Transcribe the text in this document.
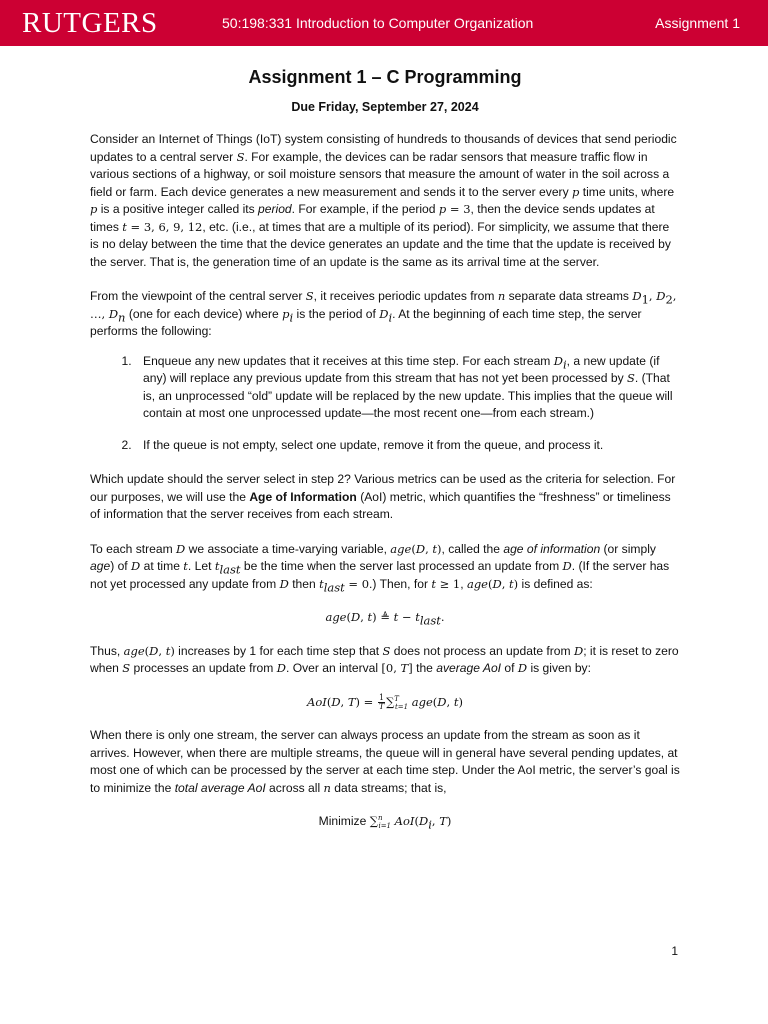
RUTGERS	50:198:331 Introduction to Computer Organization	Assignment 1
Assignment 1 – C Programming
Due Friday, September 27, 2024

Consider an Internet of Things (IoT) system consisting of hundreds to thousands of devices that send periodic updates to a central server S. For example, the devices can be radar sensors that measure traffic flow in various sections of a highway, or soil moisture sensors that measure the amount of water in the soil across a field or farm. Each device generates a new measurement and sends it to the server every p time units, where p is a positive integer called its period. For example, if the period p = 3, then the device sends updates at times t = 3, 6, 9, 12, etc. (i.e., at times that are a multiple of its period). For simplicity, we assume that there is no delay between the time that the device generates an update and the time that the update is received by the server. That is, the generation time of an update is the same as its arrival time at the server.

From the viewpoint of the central server S, it receives periodic updates from n separate data streams $D_1$, $D_2$, …, $D_n$ (one for each device) where $p_i$ is the period of $D_i$. At the beginning of each time step, the server performs the following:

1. Enqueue any new updates that it receives at this time step. For each stream $D_i$, a new update (if any) will replace any previous update from this stream that has not yet been processed by S. (That is, an unprocessed “old” update will be replaced by the new update. This implies that the queue will contain at most one unprocessed update—the most recent one—from each stream.)
2. If the queue is not empty, select one update, remove it from the queue, and process it.

Which update should the server select in step 2? Various metrics can be used as the criteria for selection. For our purposes, we will use the Age of Information (AoI) metric, which quantifies the “freshness” or timeliness of information that the server receives from each stream.

To each stream D we associate a time-varying variable, age(D, t), called the age of information (or simply age) of D at time t. Let $t_{last}$ be the time when the server last processed an update from D. (If the server has not yet processed any update from D then $t_{last} = 0$.) Then, for t ≥ 1, age(D, t) is defined as:

age(D, t) ≜ $t - t_{last}$.

Thus, age(D, t) increases by 1 for each time step that S does not process an update from D; it is reset to zero when S processes an update from D. Over an interval [0, T] the average AoI of D is given by:

AoI(D, $T) = \frac{1}{T} \sum^T_{t=1}$ age(D, t)

When there is only one stream, the server can always process an update from the stream as soon as it arrives. However, when there are multiple streams, the queue will in general have several pending updates, at most one of which can be processed by the server at each time step. Under the AoI metric, the server’s goal is to minimize the total average AoI across all n data streams; that is,

Minimize ∑$^n_{i=1}$ $AoI(D_i$, T)
1
